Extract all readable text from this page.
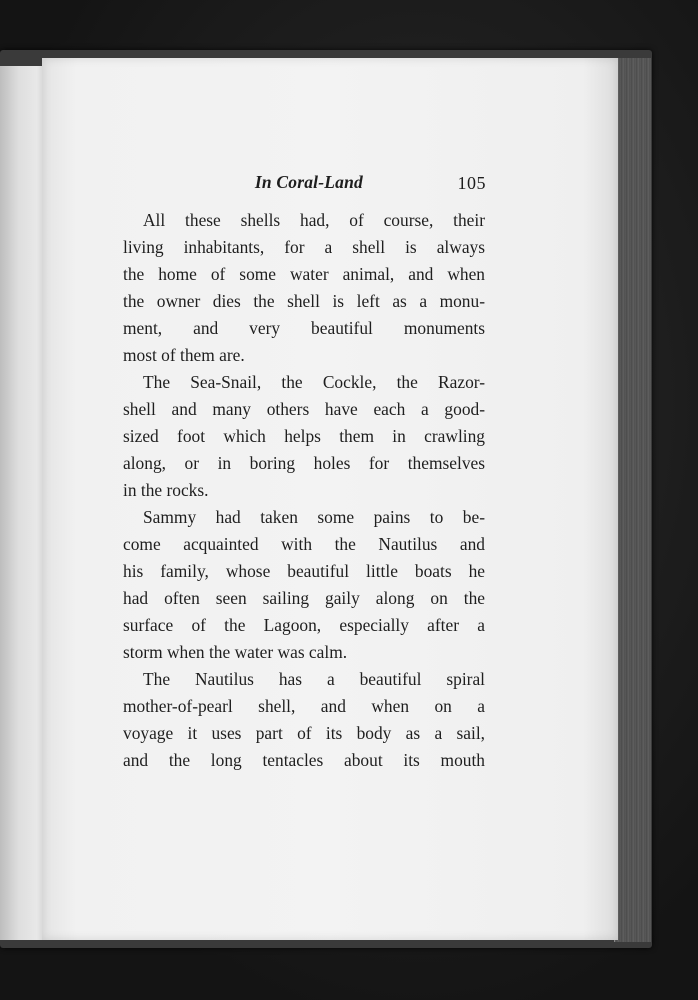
In Coral-Land	105
All these shells had, of course, their
living inhabitants, for a shell is always
the home of some water animal, and when
the owner dies the shell is left as a monu-
ment, and very beautiful monuments
most of them are.
The Sea-Snail, the Cockle, the Razor-
shell and many others have each a good-
sized foot which helps them in crawling
along, or in boring holes for themselves
in the rocks.
Sammy had taken some pains to be-
come acquainted with the Nautilus and
his family, whose beautiful little boats he
had often seen sailing gaily along on the
surface of the Lagoon, especially after a
storm when the water was calm.
The Nautilus has a beautiful spiral
mother-of-pearl shell, and when on a
voyage it uses part of its body as a sail,
and the long tentacles about its mouth
